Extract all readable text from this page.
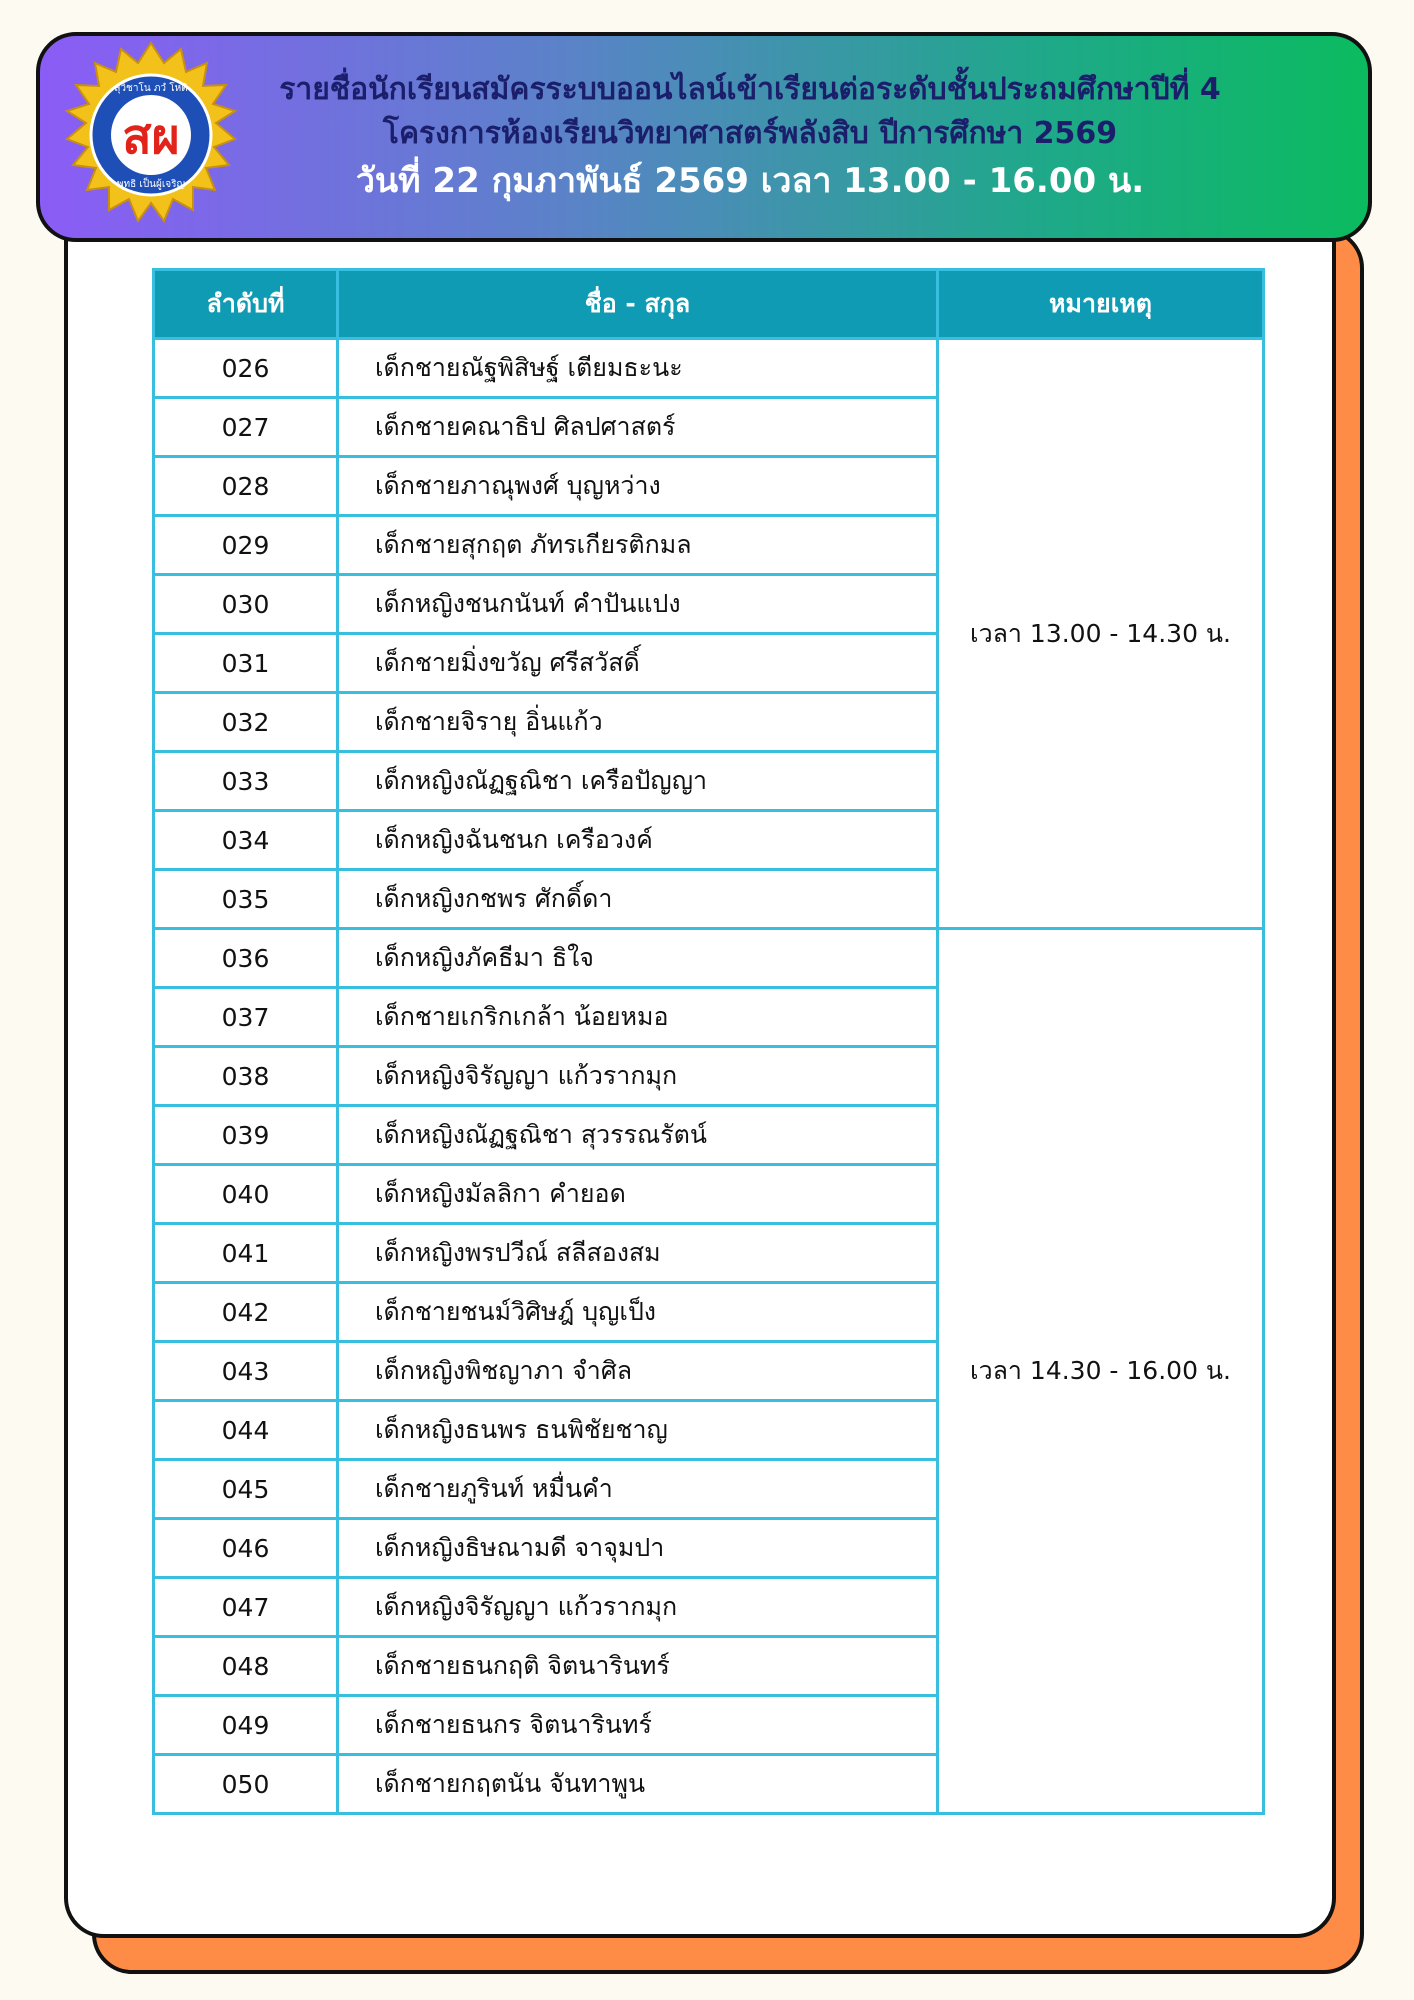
สผ
สุวิชาโน ภวํ โหติ
พุทธิ เป็นผู้เจริญ
รายชื่อนักเรียนสมัครระบบออนไลน์เข้าเรียนต่อระดับชั้นประถมศึกษาปีที่ 4
โครงการห้องเรียนวิทยาศาสตร์พลังสิบ ปีการศึกษา 2569
วันที่ 22 กุมภาพันธ์ 2569 เวลา 13.00 - 16.00 น.
ลำดับที่	ชื่อ - สกุล	หมายเหตุ
026	เด็กชายณัฐพิสิษฐ์ เตียมธะนะ	เวลา 13.00 - 14.30 น.
027	เด็กชายคณาธิป ศิลปศาสตร์	
028	เด็กชายภาณุพงศ์ บุญหว่าง	
029	เด็กชายสุกฤต ภัทรเกียรติกมล	
030	เด็กหญิงชนกนันท์ คำปันแปง	
031	เด็กชายมิ่งขวัญ ศรีสวัสดิ์	
032	เด็กชายจิรายุ อิ่นแก้ว	
033	เด็กหญิงณัฏฐณิชา เครือปัญญา	
034	เด็กหญิงฉันชนก เครือวงค์	
035	เด็กหญิงกชพร ศักดิ์ดา	
036	เด็กหญิงภัคธีมา ธิใจ	เวลา 14.30 - 16.00 น.
037	เด็กชายเกริกเกล้า น้อยหมอ	
038	เด็กหญิงจิรัญญา แก้วรากมุก	
039	เด็กหญิงณัฏฐณิชา สุวรรณรัตน์	
040	เด็กหญิงมัลลิกา คำยอด	
041	เด็กหญิงพรปวีณ์ สลีสองสม	
042	เด็กชายชนม์วิศิษฎ์ บุญเป็ง	
043	เด็กหญิงพิชญาภา จำศิล	
044	เด็กหญิงธนพร ธนพิชัยชาญ	
045	เด็กชายภูรินท์ หมื่นคำ	
046	เด็กหญิงธิษณามดี จาจุมปา	
047	เด็กหญิงจิรัญญา แก้วรากมุก	
048	เด็กชายธนกฤติ จิตนารินทร์	
049	เด็กชายธนกร จิตนารินทร์	
050	เด็กชายกฤตนัน จันทาพูน	
